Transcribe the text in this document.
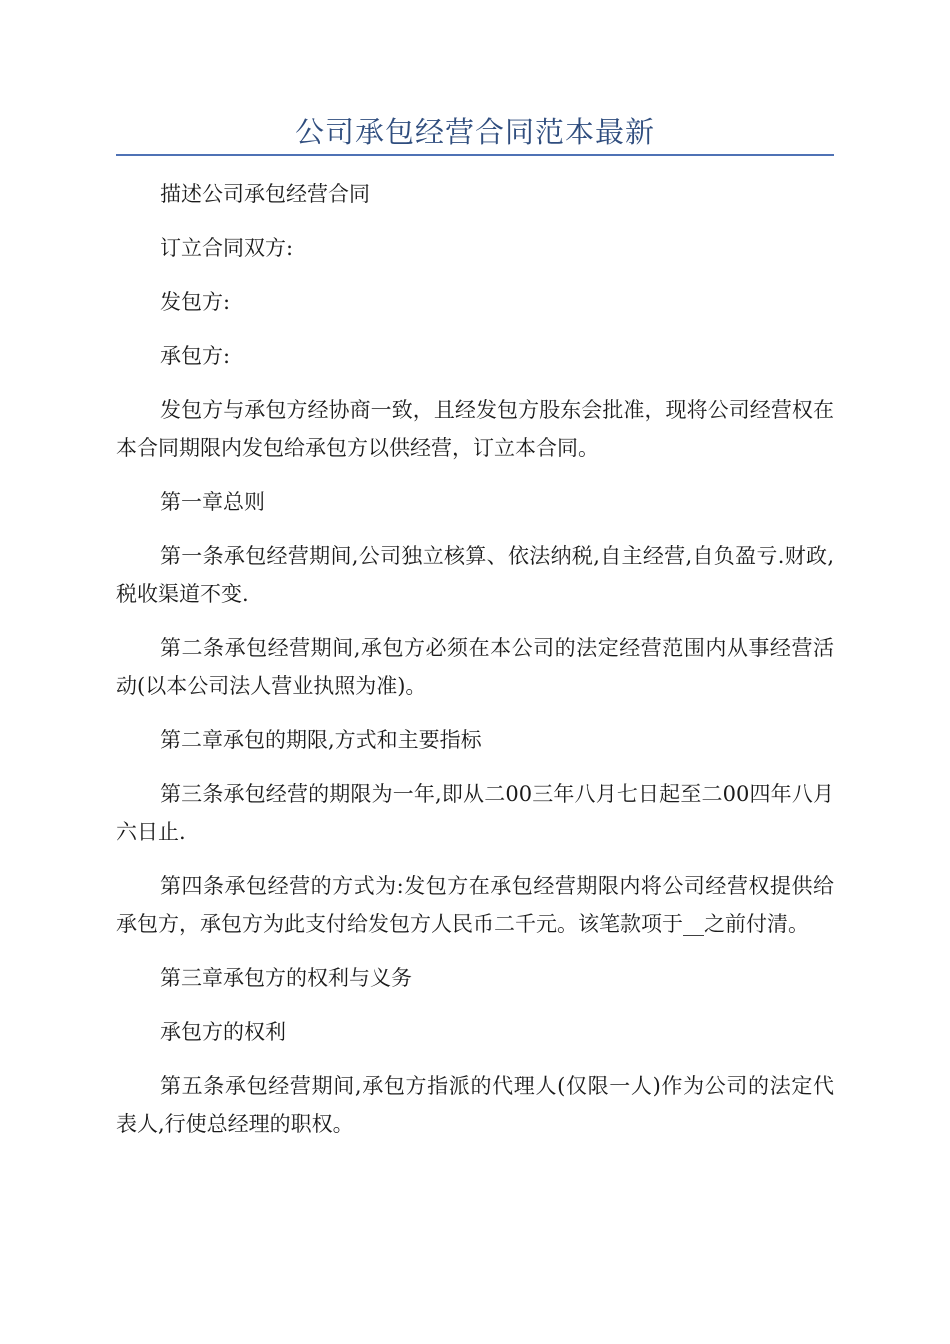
公司承包经营合同范本最新

描述公司承包经营合同

订立合同双方:

发包方:

承包方:

发包方与承包方经协商一致，且经发包方股东会批准，现将公司经营权在本合同期限内发包给承包方以供经营，订立本合同。

第一章总则

第一条承包经营期间,公司独立核算、依法纳税,自主经营,自负盈亏.财政,税收渠道不变.

第二条承包经营期间,承包方必须在本公司的法定经营范围内从事经营活动(以本公司法人营业执照为准)。

第二章承包的期限,方式和主要指标

第三条承包经营的期限为一年,即从二00三年八月七日起至二00四年八月六日止.

第四条承包经营的方式为:发包方在承包经营期限内将公司经营权提供给承包方，承包方为此支付给发包方人民币二千元。该笔款项于__之前付清。

第三章承包方的权利与义务

承包方的权利

第五条承包经营期间,承包方指派的代理人(仅限一人)作为公司的法定代表人,行使总经理的职权。
